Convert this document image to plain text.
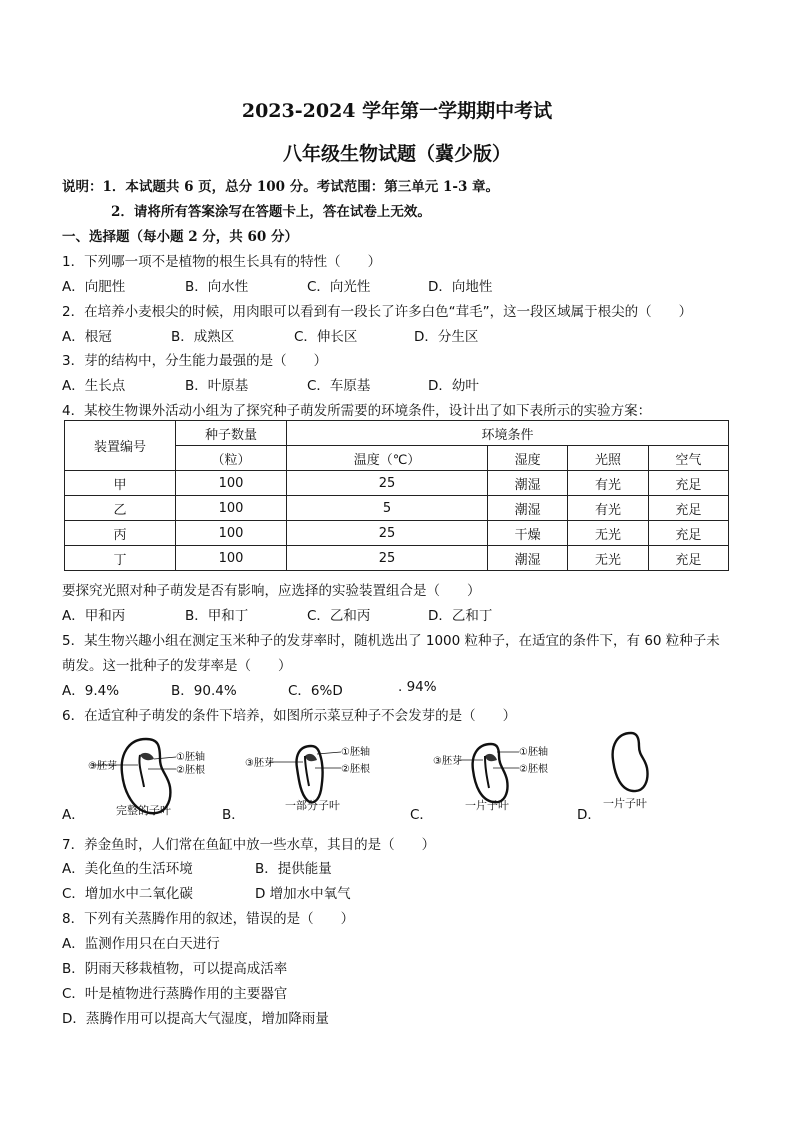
2023-2024 学年第一学期期中考试
八年级生物试题（冀少版）
说明：1．本试题共 6 页，总分 100 分。考试范围：第三单元 1-3 章。
2．请将所有答案涂写在答题卡上，答在试卷上无效。
一、选择题（每小题 2 分，共 60 分）
1．下列哪一项不是植物的根生长具有的特性（　　）
A．向肥性	B．向水性	C．向光性	D．向地性
2．在培养小麦根尖的时候，用肉眼可以看到有一段长了许多白色“茸毛”，这一段区域属于根尖的（　　）
A．根冠	B．成熟区	C．伸长区	D．分生区
3．芽的结构中，分生能力最强的是（　　）
A．生长点	B．叶原基	C．车原基	D．幼叶
4．某校生物课外活动小组为了探究种子萌发所需要的环境条件，设计出了如下表所示的实验方案：
装置编号	种子数量	环境条件			
	（粒）	温度（℃）	湿度	光照	空气
甲	100	25	潮湿	有光	充足
乙	100	5	潮湿	有光	充足
丙	100	25	干燥	无光	充足
丁	100	25	潮湿	无光	充足
要探究光照对种子萌发是否有影响，应选择的实验装置组合是（　　）
A．甲和丙	B．甲和丁	C．乙和丙	D．乙和丁
5．某生物兴趣小组在测定玉米种子的发芽率时，随机选出了 1000 粒种子，在适宜的条件下，有 60 粒种子未
萌发。这一批种子的发芽率是（　　）
A．9.4%	B．90.4%	C．6%D	. 94%
6．在适宜种子萌发的条件下培养，如图所示菜豆种子不会发芽的是（　　）
A．
③胚芽
①胚轴
②胚根
完整的子叶	B．
③胚芽
①胚轴
②胚根
一部分子叶
C．
③胚芽
①胚轴
②胚根
一片子叶
D．
一片子叶
7．养金鱼时，人们常在鱼缸中放一些水草，其目的是（　　）
A．美化鱼的生活环境	B．提供能量
C．增加水中二氧化碳	D 增加水中氧气
8．下列有关蒸腾作用的叙述，错误的是（　　）
A．监测作用只在白天进行
B．阴雨天移栽植物，可以提高成活率
C．叶是植物进行蒸腾作用的主要器官
D．蒸腾作用可以提高大气湿度，增加降雨量
